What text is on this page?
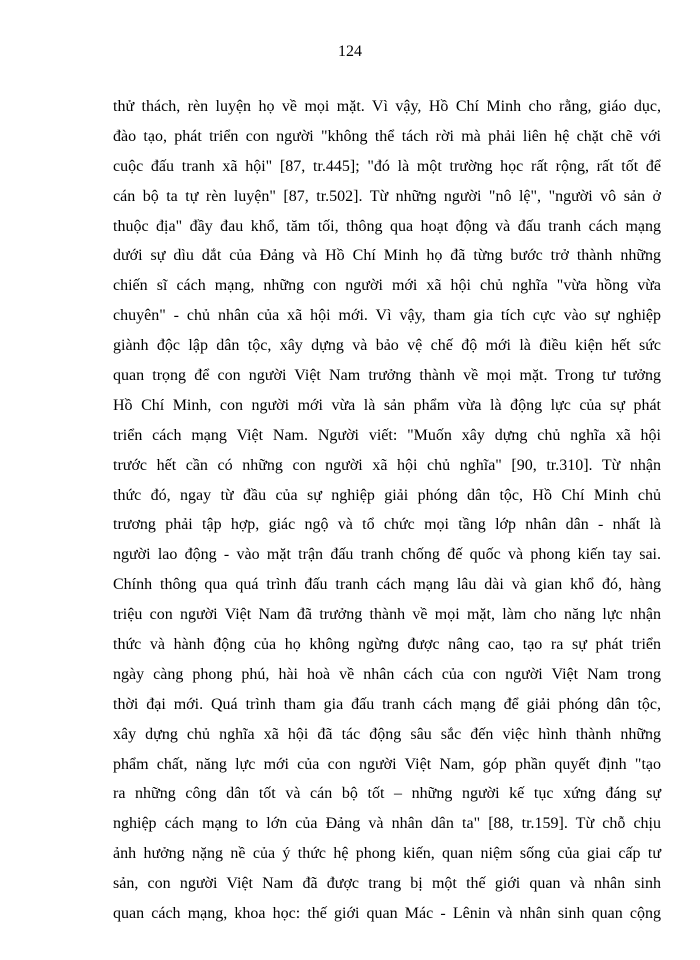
124
thử thách, rèn luyện họ về mọi mặt. Vì vậy, Hồ Chí Minh cho rằng, giáo dục,
đào tạo, phát triển con người "không thể tách rời mà phải liên hệ chặt chẽ với
cuộc đấu tranh xã hội" [87, tr.445]; "đó là một trường học rất rộng, rất tốt để
cán bộ ta tự rèn luyện" [87, tr.502]. Từ những người "nô lệ", "người vô sản ở
thuộc địa" đầy đau khổ, tăm tối, thông qua hoạt động và đấu tranh cách mạng
dưới sự dìu dắt của Đảng và Hồ Chí Minh họ đã từng bước trở thành những
chiến sĩ cách mạng, những con người mới xã hội chủ nghĩa "vừa hồng vừa
chuyên" - chủ nhân của xã hội mới. Vì vậy, tham gia tích cực vào sự nghiệp
giành độc lập dân tộc, xây dựng và bảo vệ chế độ mới là điều kiện hết sức
quan trọng để con người Việt Nam trưởng thành về mọi mặt. Trong tư tưởng
Hồ Chí Minh, con người mới vừa là sản phẩm vừa là động lực của sự phát
triển cách mạng Việt Nam. Người viết: "Muốn xây dựng chủ nghĩa xã hội
trước hết cần có những con người xã hội chủ nghĩa" [90, tr.310]. Từ nhận
thức đó, ngay từ đầu của sự nghiệp giải phóng dân tộc, Hồ Chí Minh chủ
trương phải tập hợp, giác ngộ và tổ chức mọi tầng lớp nhân dân - nhất là
người lao động - vào mặt trận đấu tranh chống đế quốc và phong kiến tay sai.
Chính thông qua quá trình đấu tranh cách mạng lâu dài và gian khổ đó, hàng
triệu con người Việt Nam đã trưởng thành về mọi mặt, làm cho năng lực nhận
thức và hành động của họ không ngừng được nâng cao, tạo ra sự phát triển
ngày càng phong phú, hài hoà về nhân cách của con người Việt Nam trong
thời đại mới. Quá trình tham gia đấu tranh cách mạng để giải phóng dân tộc,
xây dựng chủ nghĩa xã hội đã tác động sâu sắc đến việc hình thành những
phẩm chất, năng lực mới của con người Việt Nam, góp phần quyết định "tạo
ra những công dân tốt và cán bộ tốt – những người kế tục xứng đáng sự
nghiệp cách mạng to lớn của Đảng và nhân dân ta" [88, tr.159]. Từ chỗ chịu
ảnh hưởng nặng nề của ý thức hệ phong kiến, quan niệm sống của giai cấp tư
sản, con người Việt Nam đã được trang bị một thế giới quan và nhân sinh
quan cách mạng, khoa học: thế giới quan Mác - Lênin và nhân sinh quan cộng
